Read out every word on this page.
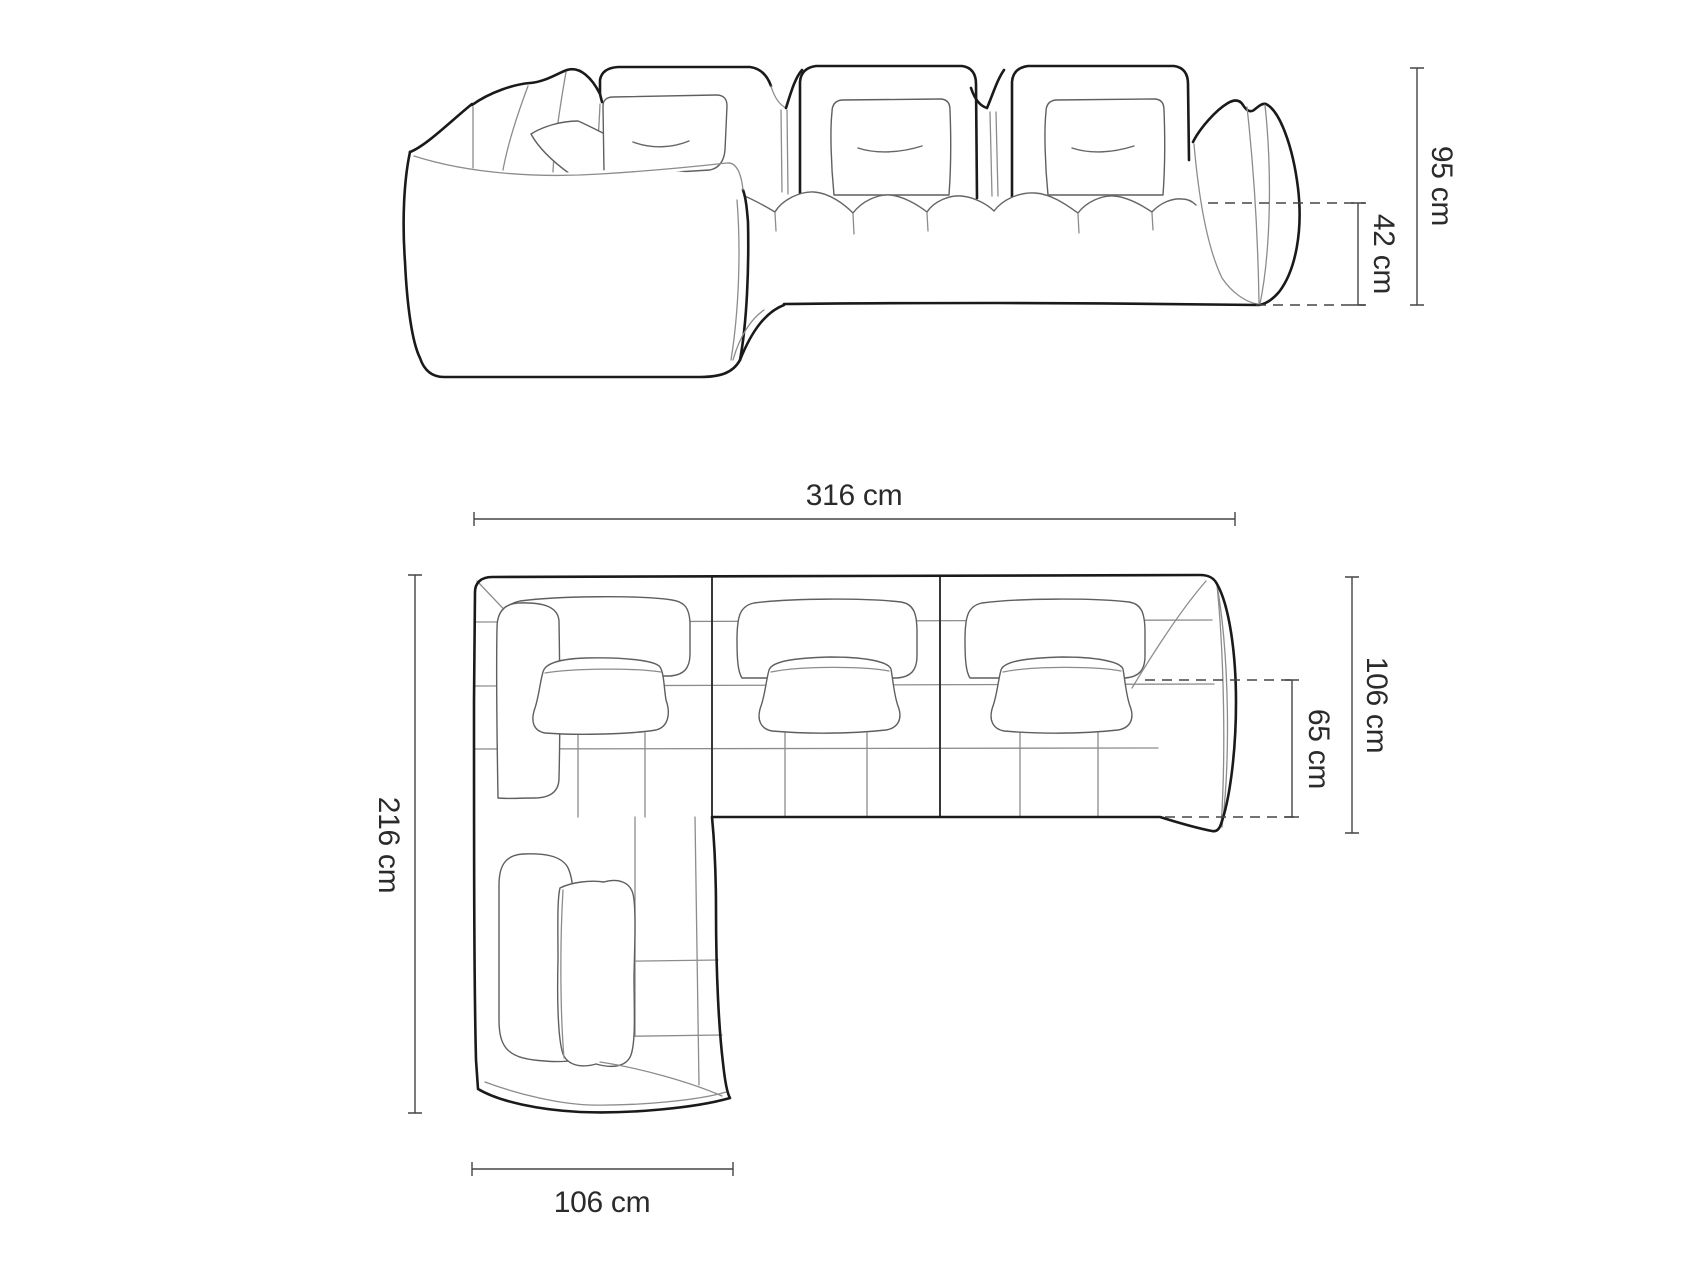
42 cm
95 cm
316 cm
216 cm
106 cm
65 cm 106 cm
